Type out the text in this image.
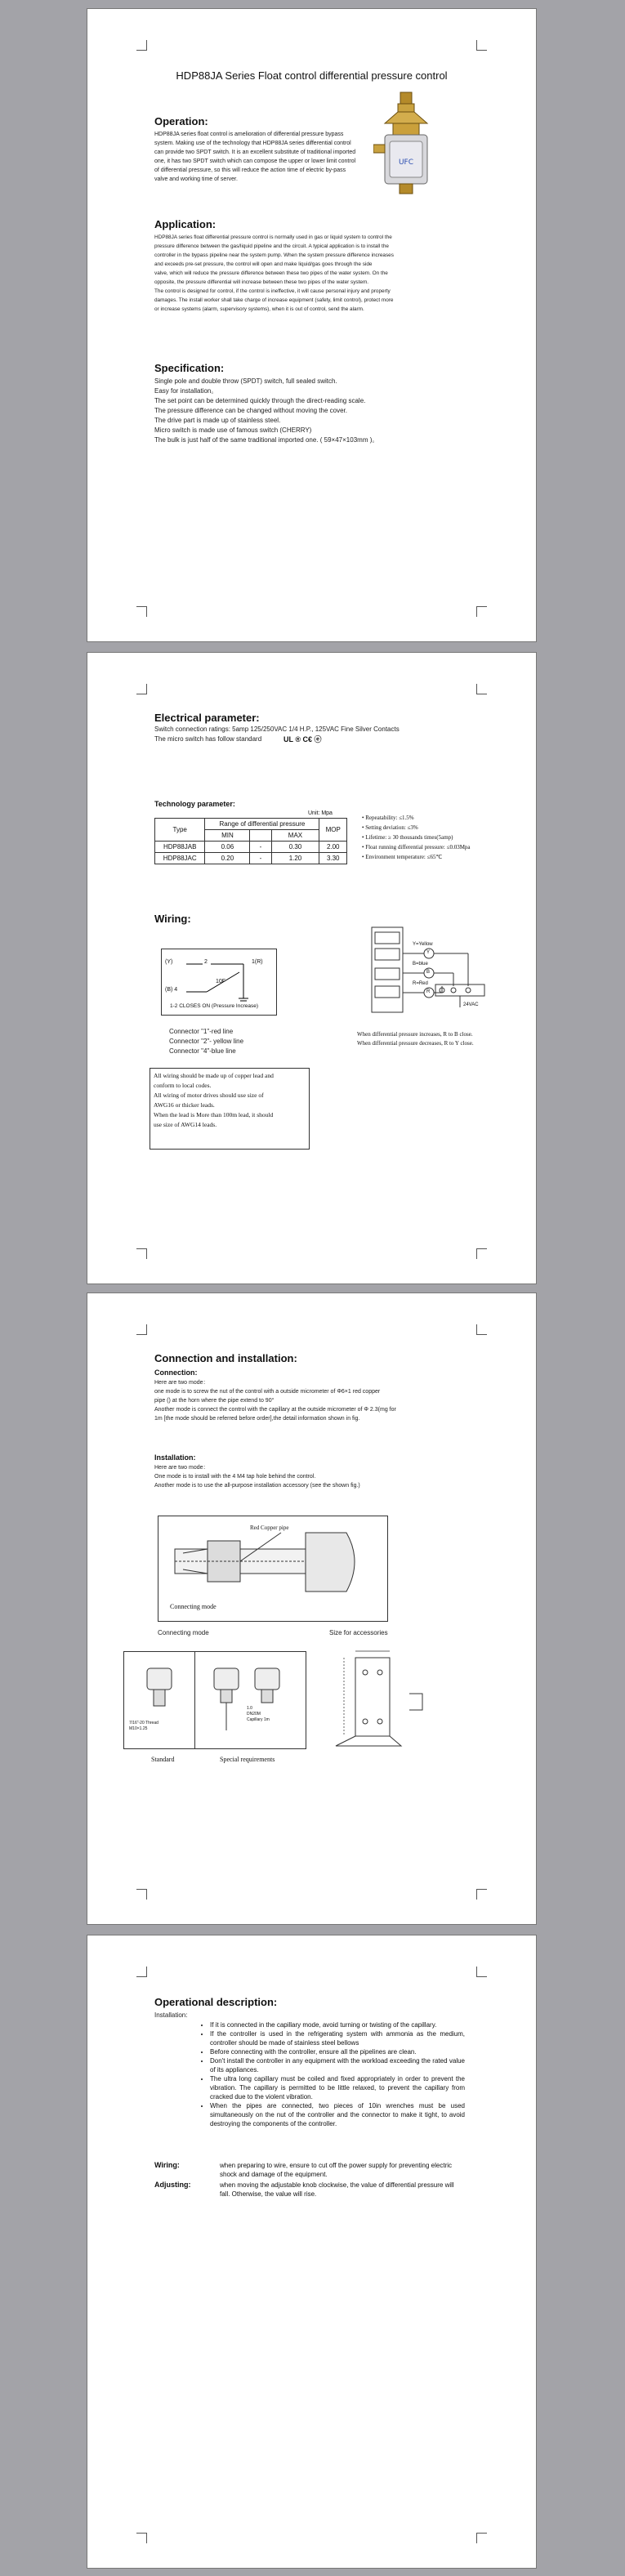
HDP88JA Series Float control differential pressure control
UFC
Operation:
HDP88JA series float control is amelioration of differential pressure bypass
system. Making use of the technology that HDP88JA series differential control
can provide two SPDT switch. It is an excellent substitute of traditional imported
one, it has two SPDT switch which can compose the upper or lower limit control
of differential pressure, so this will reduce the action time of electric by-pass
valve and working time of server.
Application:
HDP88JA series float differential pressure control is normally used in gas or liquid system to control the
pressure difference between the gas/liquid pipeline and the circuit. A typical application is to install the
controller in the bypass pipeline near the system pump. When the system pressure difference increases
and exceeds pre-set pressure, the control will open and make liquid/gas goes through the side
valve, which will reduce the pressure difference between these two pipes of the water system. On the
opposite, the pressure differential will increase between these two pipes of the water system.
The control is designed for control, if the control is ineffective, it will cause personal injury and property
damages. The install worker shall take charge of increase equipment (safety, limit control), protect more
or increase systems (alarm, supervisory systems), when it is out of control, send the alarm.
Specification:
Single pole and double throw (SPDT) switch, full sealed switch.
Easy for installation。
The set point can be determined quickly through the direct-reading scale.
The pressure difference can be changed without moving the cover.
The drive part is made up of stainless steel.
Micro switch is made use of famous switch (CHERRY)
The bulk is just half of the same traditional imported one. ( 59×47×103mm )。
Electrical parameter:
Switch connection ratings: 5amp 125/250VAC 1/4 H.P., 125VAC Fine Silver Contacts
The micro switch has follow standard	UL ® C€ ⓔ
Technology parameter:
Unit: Mpa
Type	Range of differential pressure			MOP
	MIN		MAX	
HDP88JAB	0.06	-	0.30	2.00
HDP88JAC	0.20	-	1.20	3.30
• Repeatability: ≤1.5%
• Setting deviation: ≤3%
• Lifetime: ≥ 30 thousands times(5amp)
• Float running differential pressure: ≤0.03Mpa
• Environment temperature: ≤65℃
Wiring:
(Y)	2	1(R)
(B) 4
10F
1-2 CLOSES ON (Pressure Increase)
Connector "1"-red line
Connector "2"- yellow line
Connector "4"-blue line
All wiring should be made up of copper lead and
conform to local codes.
All wiring of motor drives should use size of
AWG16 or thicker leads.
When the lead is More than 100m lead, it should
use size of AWG14 leads.
Y=Yellow
B=blue
R=Red
Y
B
R
24VAC
When differential pressure increases, R to B close.
When differential pressure decreases, R to Y close.
Connection and installation:
Connection:
Here are two mode：
one mode is to screw the nut of the control with a outside micrometer of Φ6×1 red copper
pipe () at the horn where the pipe extend to 90°
Another mode is connect the control with the capillary at the outside micrometer of Φ 2.3(mg for
1m [the mode should be referred before order],the detail information shown in fig.
Installation:
Here are two mode：
One mode is to install with the 4 M4 tap hole behind the control.
Another mode is to use the all-purpose installation accessory (see the shown fig.)
Red Copper pipe
Connecting mode
Connecting mode	Size for accessories
7/16"-20 Thread
M10×1.25
1.0
DN20M
Capillary 1m
Standard	Special requirements
Operational description:
Installation:
• If it is connected in the capillary mode, avoid turning or twisting of the capillary.
• If the controller is used in the refrigerating system with ammonia as the medium, controller should be made of stainless steel bellows
• Before connecting with the controller, ensure all the pipelines are clean.
• Don't install the controller in any equipment with the workload exceeding the rated value of its appliances.
• The ultra long capillary must be coiled and fixed appropriately in order to prevent the vibration. The capillary is permitted to be little relaxed, to prevent the capillary from cracked due to the violent vibration.
• When the pipes are connected, two pieces of 10in wrenches must be used simultaneously on the nut of the controller and the connector to make it tight, to avoid destroying the components of the controller.
Wiring:	when preparing to wire, ensure to cut off the power supply for preventing electric shock and damage of the equipment.
Adjusting:	when moving the adjustable knob clockwise, the value of differential pressure will fall. Otherwise, the value will rise.
